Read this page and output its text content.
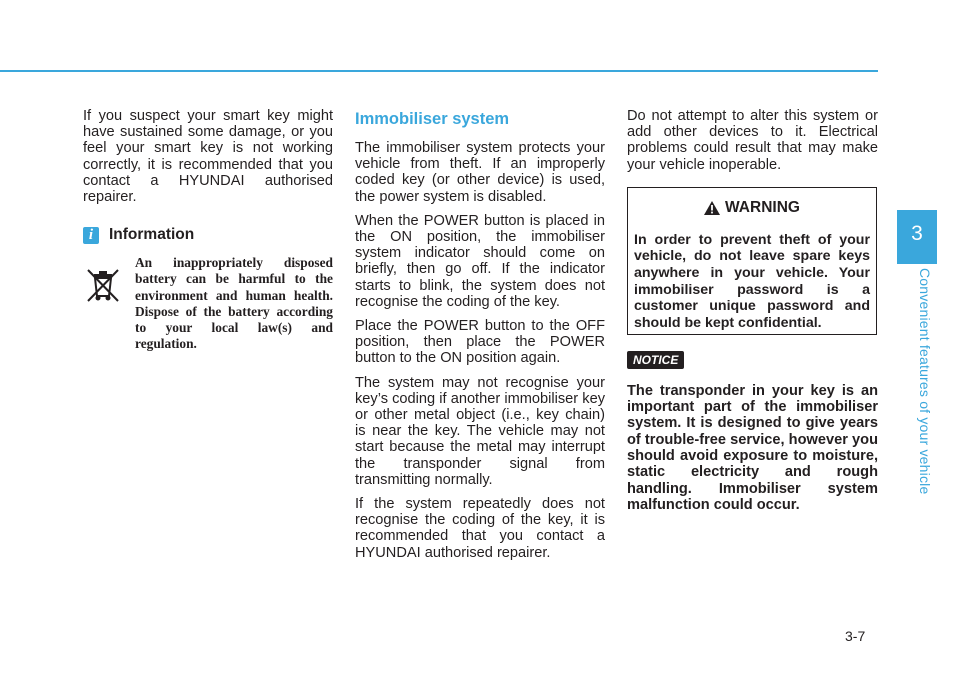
If you suspect your smart key might have sustained some damage, or you feel your smart key is not working correctly, it is recommended that you contact a HYUNDAI authorised repairer.

i	Information
An inappropriately disposed battery can be harmful to the environment and human health. Dispose of the battery according to your local law(s) and regulation.
Immobiliser system

The immobiliser system protects your vehicle from theft. If an improperly coded key (or other device) is used, the power system is disabled.

When the POWER button is placed in the ON position, the immobiliser system indicator should come on briefly, then go off. If the indicator starts to blink, the system does not recognise the coding of the key.

Place the POWER button to the OFF position, then place the POWER button to the ON position again.

The system may not recognise your key’s coding if another immobiliser key or other metal object (i.e., key chain) is near the key. The vehicle may not start because the metal may interrupt the transponder signal from transmitting normally.

If the system repeatedly does not recognise the coding of the key, it is recommended that you contact a HYUNDAI authorised repairer.

Do not attempt to alter this system or add other devices to it. Electrical problems could result that may make your vehicle inoperable.

WARNING
In order to prevent theft of your vehicle, do not leave spare keys anywhere in your vehicle. Your immobiliser password is a customer unique password and should be kept confidential.
NOTICE
The transponder in your key is an important part of the immobiliser system. It is designed to give years of trouble-free service, however you should avoid exposure to moisture, static electricity and rough handling. Immobiliser system malfunction could occur.
3
Convenient features of your vehicle
3-7
